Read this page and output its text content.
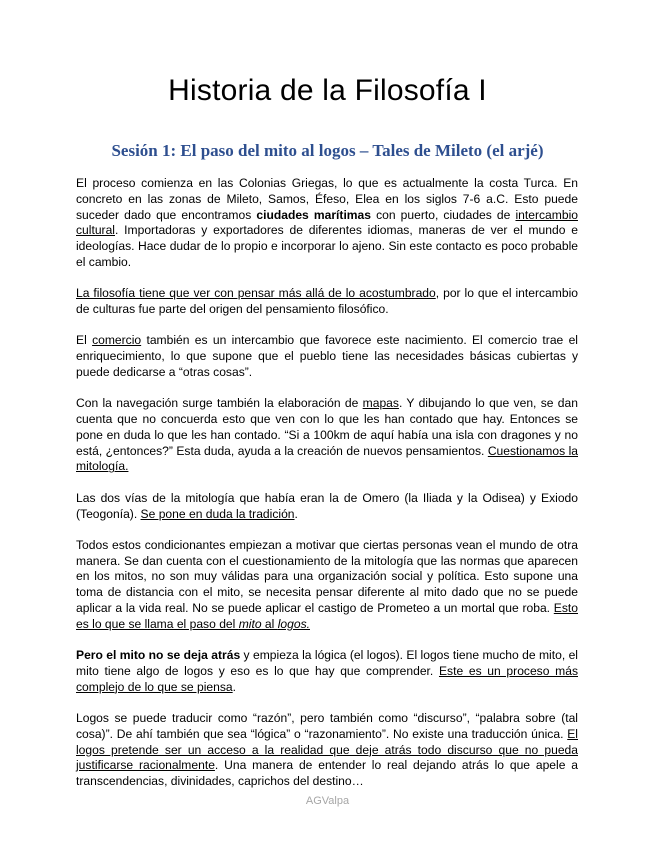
Historia de la Filosofía I
Sesión 1: El paso del mito al logos – Tales de Mileto (el arjé)

El proceso comienza en las Colonias Griegas, lo que es actualmente la costa Turca. En concreto en las zonas de Mileto, Samos, Éfeso, Elea en los siglos 7-6 a.C. Esto puede suceder dado que encontramos ciudades marítimas con puerto, ciudades de intercambio cultural. Importadoras y exportadores de diferentes idiomas, maneras de ver el mundo e ideologías. Hace dudar de lo propio e incorporar lo ajeno. Sin este contacto es poco probable el cambio.

La filosofía tiene que ver con pensar más allá de lo acostumbrado, por lo que el intercambio de culturas fue parte del origen del pensamiento filosófico.

El comercio también es un intercambio que favorece este nacimiento. El comercio trae el enriquecimiento, lo que supone que el pueblo tiene las necesidades básicas cubiertas y puede dedicarse a “otras cosas”.

Con la navegación surge también la elaboración de mapas. Y dibujando lo que ven, se dan cuenta que no concuerda esto que ven con lo que les han contado que hay. Entonces se pone en duda lo que les han contado. “Si a 100km de aquí había una isla con dragones y no está, ¿entonces?” Esta duda, ayuda a la creación de nuevos pensamientos. Cuestionamos la mitología.

Las dos vías de la mitología que había eran la de Omero (la Iliada y la Odisea) y Exiodo (Teogonía). Se pone en duda la tradición.

Todos estos condicionantes empiezan a motivar que ciertas personas vean el mundo de otra manera. Se dan cuenta con el cuestionamiento de la mitología que las normas que aparecen en los mitos, no son muy válidas para una organización social y política. Esto supone una toma de distancia con el mito, se necesita pensar diferente al mito dado que no se puede aplicar a la vida real. No se puede aplicar el castigo de Prometeo a un mortal que roba. Esto es lo que se llama el paso del mito al logos.

Pero el mito no se deja atrás y empieza la lógica (el logos). El logos tiene mucho de mito, el mito tiene algo de logos y eso es lo que hay que comprender. Este es un proceso más complejo de lo que se piensa.

Logos se puede traducir como “razón”, pero también como “discurso”, “palabra sobre (tal cosa)”. De ahí también que sea “lógica” o “razonamiento”. No existe una traducción única. El logos pretende ser un acceso a la realidad que deje atrás todo discurso que no pueda justificarse racionalmente. Una manera de entender lo real dejando atrás lo que apele a transcendencias, divinidades, caprichos del destino…

AGValpa
